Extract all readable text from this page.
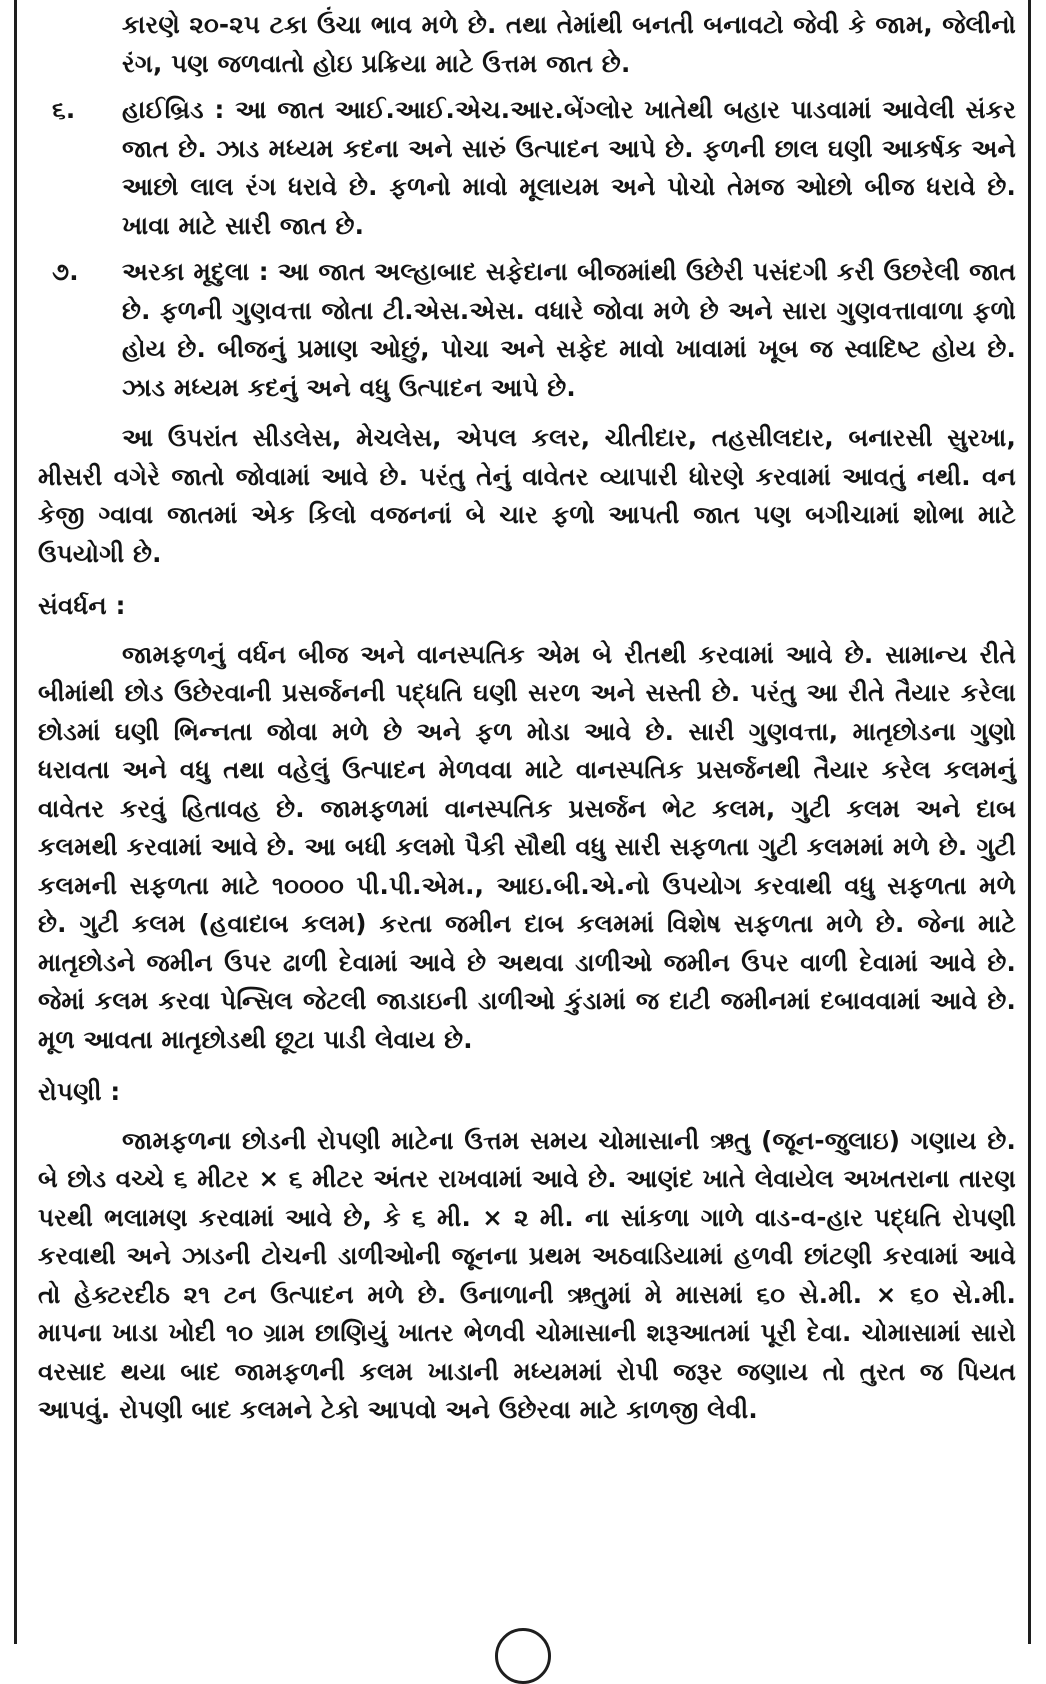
કારણે ૨૦-૨૫ ટકા ઉંચા ભાવ મળે છે. તથા તેમાંથી બનતી બનાવટો જેવી કે જામ, જેલીનો રંગ, પણ જળવાતો હોઇ પ્રક્રિયા માટે ઉત્તમ જાત છે.

૬. હાઈબ્રિડ : આ જાત આઈ.આઈ.એચ.આર.બેંગ્લોર ખાતેથી બહાર પાડવામાં આવેલી સંકર જાત છે. ઝાડ મધ્યમ કદના અને સારું ઉત્પાદન આપે છે. ફળની છાલ ઘણી આકર્ષક અને આછો લાલ રંગ ધરાવે છે. ફળનો માવો મૂલાયમ અને પોચો તેમજ ઓછો બીજ ધરાવે છે. ખાવા માટે સારી જાત છે.
૭. અરકા મૃદુલા : આ જાત અલ્હાબાદ સફેદાના બીજમાંથી ઉછેરી પસંદગી કરી ઉછરેલી જાત છે. ફળની ગુણવત્તા જોતા ટી.એસ.એસ. વધારે જોવા મળે છે અને સારા ગુણવત્તાવાળા ફળો હોય છે. બીજનું પ્રમાણ ઓછું, પોચા અને સફેદ માવો ખાવામાં ખૂબ જ સ્વાદિષ્ટ હોય છે. ઝાડ મધ્યમ કદનું અને વધુ ઉત્પાદન આપે છે.

આ ઉપરાંત સીડલેસ, મેચલેસ, એપલ કલર, ચીતીદાર, તહસીલદાર, બનારસી સુરખા, મીસરી વગેરે જાતો જોવામાં આવે છે. પરંતુ તેનું વાવેતર વ્યાપારી ધોરણે કરવામાં આવતું નથી. વન કેજી ગ્વાવા જાતમાં એક કિલો વજનનાં બે ચાર ફળો આપતી જાત પણ બગીચામાં શોભા માટે ઉપયોગી છે.

સંવર્ધન :

જામફળનું વર્ધન બીજ અને વાનસ્પતિક એમ બે રીતથી કરવામાં આવે છે. સામાન્ય રીતે બીમાંથી છોડ ઉછેરવાની પ્રસર્જનની પદ્ધતિ ઘણી સરળ અને સસ્તી છે. પરંતુ આ રીતે તૈયાર કરેલા છોડમાં ઘણી ભિન્નતા જોવા મળે છે અને ફળ મોડા આવે છે. સારી ગુણવત્તા, માતૃછોડના ગુણો ધરાવતા અને વધુ તથા વહેલું ઉત્પાદન મેળવવા માટે વાનસ્પતિક પ્રસર્જનથી તૈયાર કરેલ કલમનું વાવેતર કરવું હિતાવહ છે. જામફળમાં વાનસ્પતિક પ્રસર્જન ભેટ કલમ, ગુટી કલમ અને દાબ કલમથી કરવામાં આવે છે. આ બધી કલમો પૈકી સૌથી વધુ સારી સફળતા ગુટી કલમમાં મળે છે. ગુટી કલમની સફળતા માટે ૧૦૦૦૦ પી.પી.એમ., આઇ.બી.એ.નો ઉપયોગ કરવાથી વધુ સફળતા મળે છે. ગુટી કલમ (હવાદાબ કલમ) કરતા જમીન દાબ કલમમાં વિશેષ સફળતા મળે છે. જેના માટે માતૃછોડને જમીન ઉપર ઢાળી દેવામાં આવે છે અથવા ડાળીઓ જમીન ઉપર વાળી દેવામાં આવે છે. જેમાં કલમ કરવા પેન્સિલ જેટલી જાડાઇની ડાળીઓ કુંડામાં જ દાટી જમીનમાં દબાવવામાં આવે છે. મૂળ આવતા માતૃછોડથી છૂટા પાડી લેવાય છે.

રોપણી :

જામફળના છોડની રોપણી માટેના ઉત્તમ સમય ચોમાસાની ઋતુ (જૂન-જુલાઇ) ગણાય છે. બે છોડ વચ્ચે ૬ મીટર × ૬ મીટર અંતર રાખવામાં આવે છે. આણંદ ખાતે લેવાયેલ અખતરાના તારણ પરથી ભલામણ કરવામાં આવે છે, કે ૬ મી. × ૨ મી. ના સાંકળા ગાળે વાડ-વ-હાર પદ્ધતિ રોપણી કરવાથી અને ઝાડની ટોચની ડાળીઓની જૂનના પ્રથમ અઠવાડિયામાં હળવી છાંટણી કરવામાં આવે તો હેક્ટરદીઠ ૨૧ ટન ઉત્પાદન મળે છે. ઉનાળાની ઋતુમાં મે માસમાં ૬૦ સે.મી. × ૬૦ સે.મી. માપના ખાડા ખોદી ૧૦ ગ્રામ છાણિયું ખાતર ભેળવી ચોમાસાની શરૂઆતમાં પૂરી દેવા. ચોમાસામાં સારો વરસાદ થયા બાદ જામફળની કલમ ખાડાની મધ્યમમાં રોપી જરૂર જણાય તો તુરત જ પિયત આપવું. રોપણી બાદ કલમને ટેકો આપવો અને ઉછેરવા માટે કાળજી લેવી.
